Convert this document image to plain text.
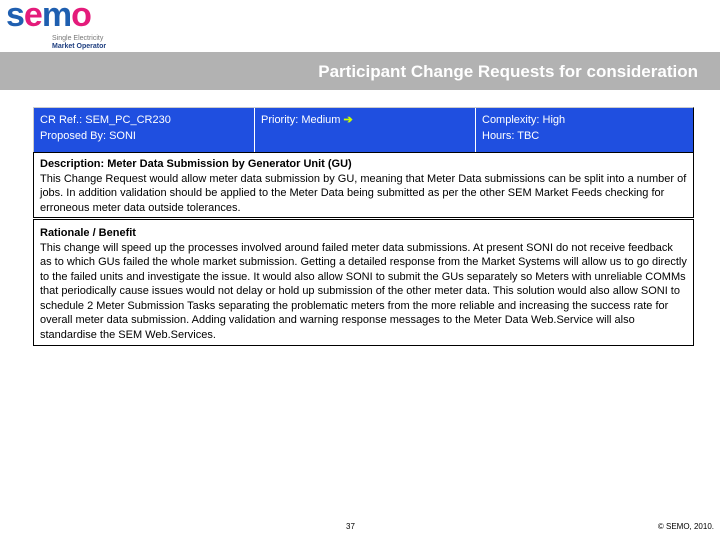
semo
Single Electricity
Market Operator
Participant Change Requests for consideration
CR Ref.: SEM_PC_CR230
Proposed By: SONI
Priority: Medium ➔	Complexity: High
Hours: TBC
Description: Meter Data Submission by Generator Unit (GU)
This Change Request would allow meter data submission by GU, meaning that Meter Data submissions can be split into a number of jobs. In addition validation should be applied to the Meter Data being submitted as per the other SEM Market Feeds checking for erroneous meter data outside tolerances.
Rationale / Benefit
This change will speed up the processes involved around failed meter data submissions. At present SONI do not receive feedback as to which GUs failed the whole market submission. Getting a detailed response from the Market Systems will allow us to go directly to the failed units and investigate the issue. It would also allow SONI to submit the GUs separately so Meters with unreliable COMMs that periodically cause issues would not delay or hold up submission of the other meter data. This solution would also allow SONI to schedule 2 Meter Submission Tasks separating the problematic meters from the more reliable and increasing the success rate for overall meter data submission. Adding validation and warning response messages to the Meter Data Web.Service will also standardise the SEM Web.Services.
37	© SEMO, 2010.
